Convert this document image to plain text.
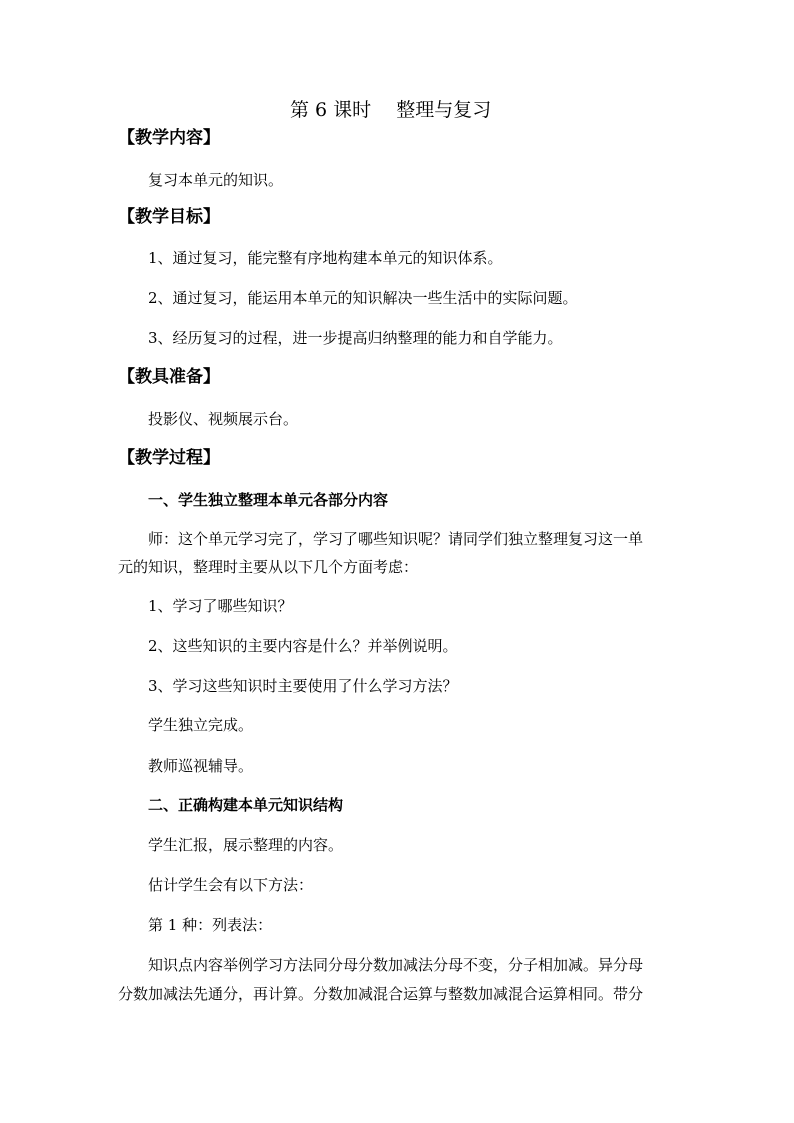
第 6 课时　 整理与复习
【教学内容】
复习本单元的知识。
【教学目标】
1、通过复习，能完整有序地构建本单元的知识体系。
2、通过复习，能运用本单元的知识解决一些生活中的实际问题。
3、经历复习的过程，进一步提高归纳整理的能力和自学能力。
【教具准备】
投影仪、视频展示台。
【教学过程】
一、学生独立整理本单元各部分内容
师：这个单元学习完了，学习了哪些知识呢？请同学们独立整理复习这一单
元的知识，整理时主要从以下几个方面考虑：
1、学习了哪些知识？
2、这些知识的主要内容是什么？并举例说明。
3、学习这些知识时主要使用了什么学习方法？
学生独立完成。
教师巡视辅导。
二、正确构建本单元知识结构
学生汇报，展示整理的内容。
估计学生会有以下方法：
第 1 种：列表法：
知识点内容举例学习方法同分母分数加减法分母不变，分子相加减。异分母
分数加减法先通分，再计算。分数加减混合运算与整数加减混合运算相同。带分
